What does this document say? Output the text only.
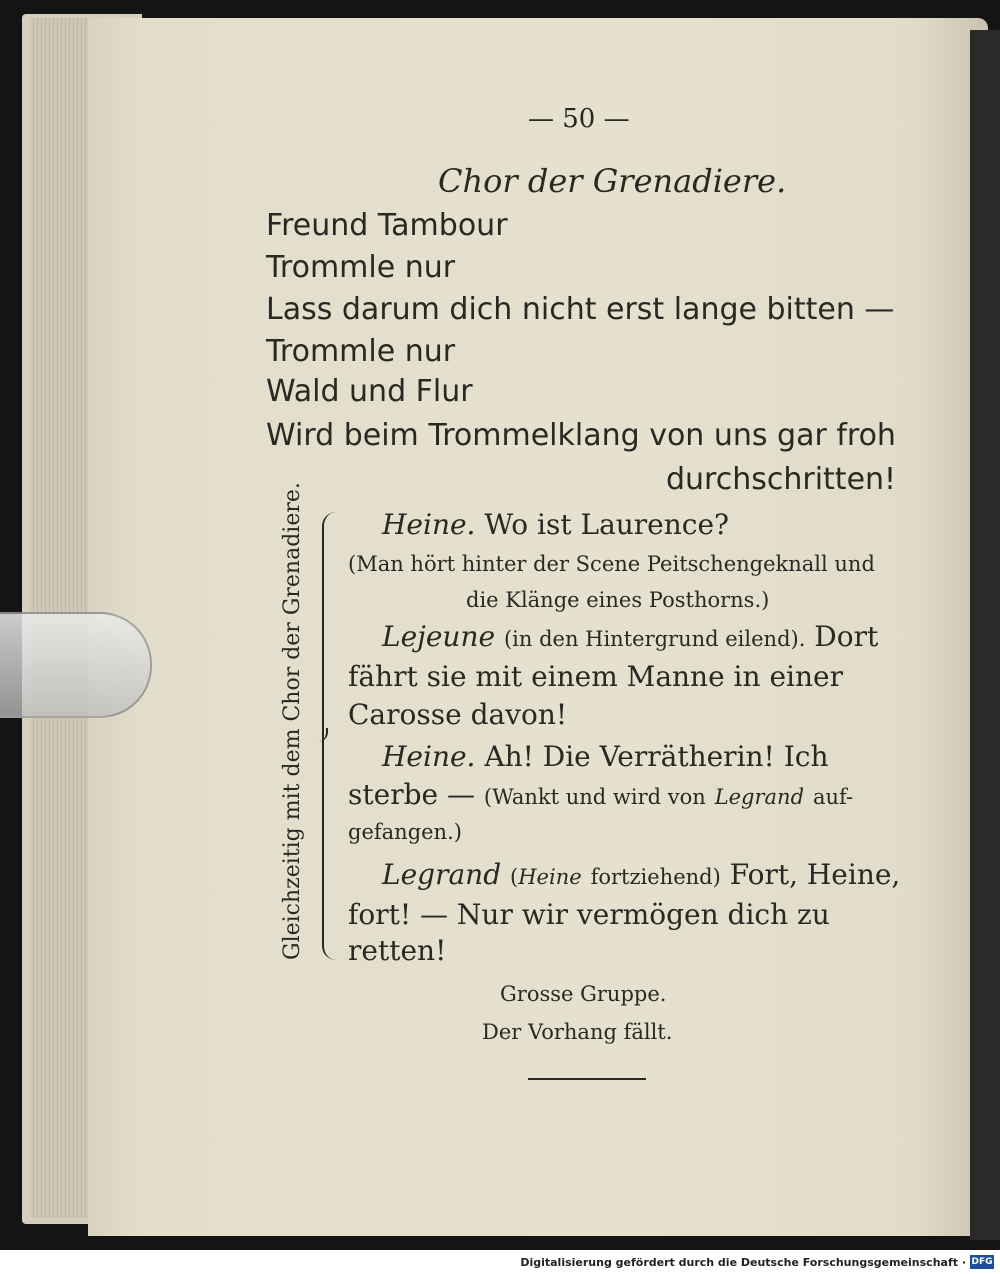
— 50 —
Chor der Grenadiere.
Freund Tambour
Trommle nur
Lass darum dich nicht erst lange bitten —
Trommle nur
Wald und Flur
Wird beim Trommelklang von uns gar froh
durchschritten!
Gleichzeitig mit dem Chor der Grenadiere.	Heine. Wo ist Laurence?
(Man hört hinter der Scene Peitschengeknall und
die Klänge eines Posthorns.)
Lejeune (in den Hintergrund eilend). Dort
fährt sie mit einem Manne in einer
Carosse davon!
Heine. Ah! Die Verrätherin! Ich
sterbe — (Wankt und wird von Legrand auf-
gefangen.)
Legrand (Heine fortziehend) Fort, Heine,
fort! — Nur wir vermögen dich zu
retten!
Grosse Gruppe.
Der Vorhang fällt.
Digitalisierung gefördert durch die Deutsche Forschungsgemeinschaft · DFG
